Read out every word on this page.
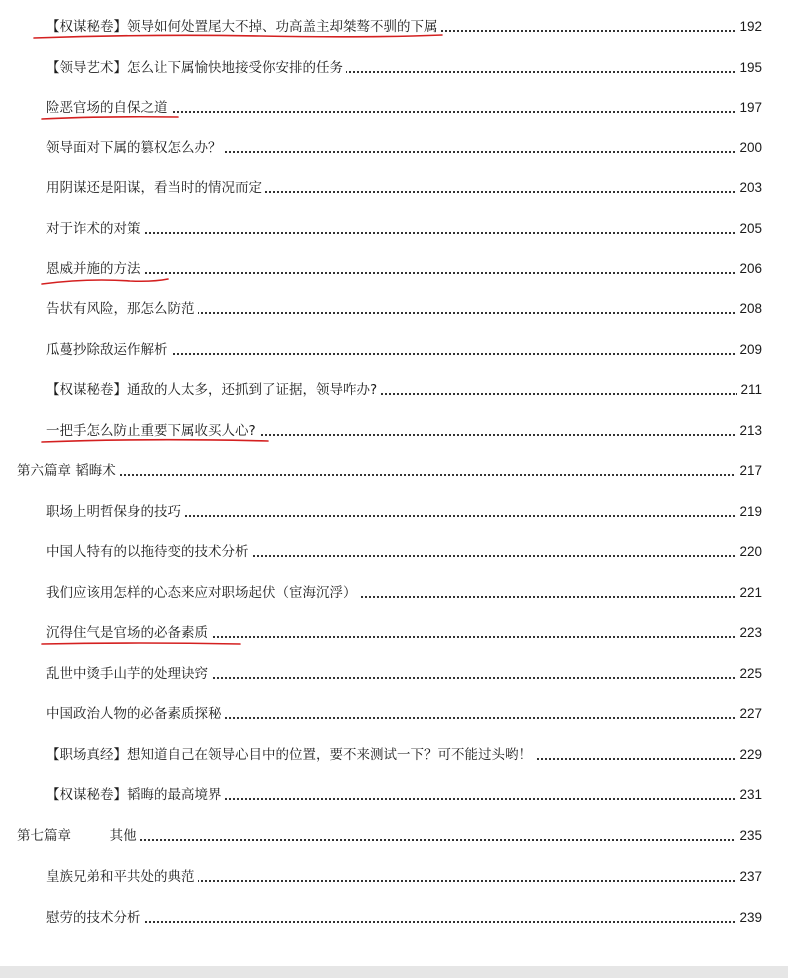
【权谋秘卷】领导如何处置尾大不掉、功高盖主却桀骜不驯的下属	192
【领导艺术】怎么让下属愉快地接受你安排的任务	195
险恶官场的自保之道	197
领导面对下属的篡权怎么办？	200
用阴谋还是阳谋，看当时的情况而定	203
对于诈术的对策	205
恩威并施的方法	206
告状有风险，那怎么防范	208
瓜蔓抄除敌运作解析	209
【权谋秘卷】通敌的人太多，还抓到了证据，领导咋办?	211
一把手怎么防止重要下属收买人心?	213
第六篇章 韬晦术	217
职场上明哲保身的技巧	219
中国人特有的以拖待变的技术分析	220
我们应该用怎样的心态来应对职场起伏（宦海沉浮）	221
沉得住气是官场的必备素质	223
乱世中烫手山芋的处理诀窍	225
中国政治人物的必备素质探秘	227
【职场真经】想知道自己在领导心目中的位置，要不来测试一下？可不能过头哟！	229
【权谋秘卷】韬晦的最高境界	231
第七篇章         其他	235
皇族兄弟和平共处的典范	237
慰劳的技术分析	239
